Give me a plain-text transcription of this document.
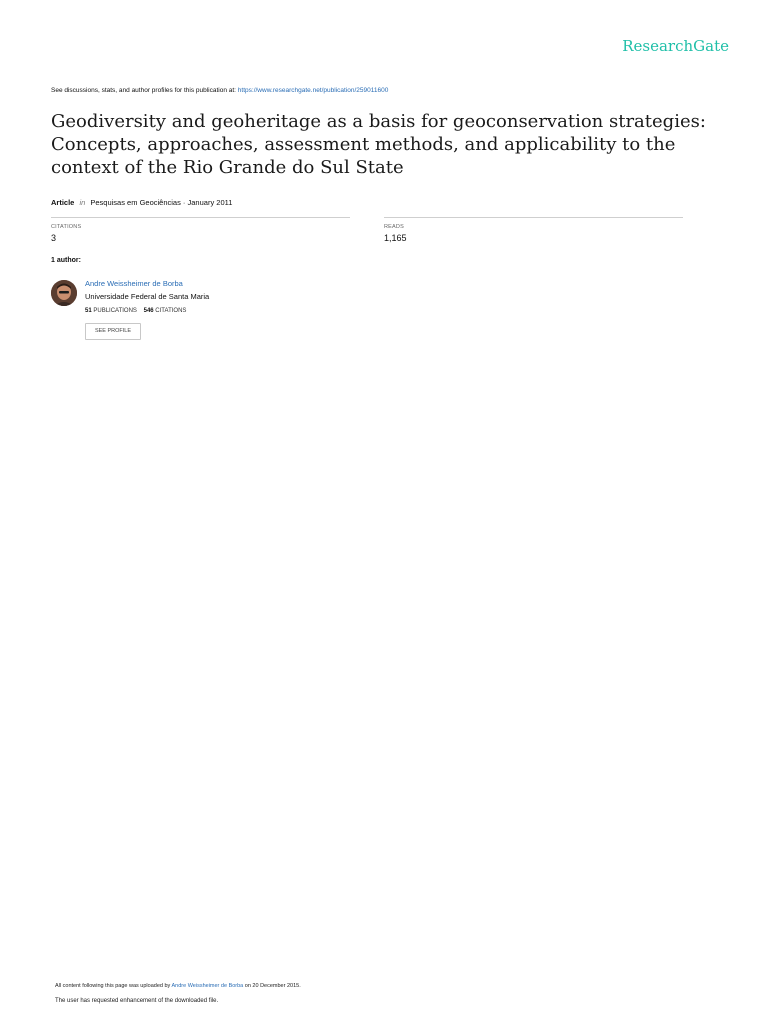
ResearchGate
See discussions, stats, and author profiles for this publication at: https://www.researchgate.net/publication/259011600
Geodiversity and geoheritage as a basis for geoconservation strategies: Concepts, approaches, assessment methods, and applicability to the context of the Rio Grande do Sul State
Article in Pesquisas em Geociências · January 2011
CITATIONS
3
READS
1,165
1 author:
Andre Weissheimer de Borba
Universidade Federal de Santa Maria
51 PUBLICATIONS 546 CITATIONS
SEE PROFILE
All content following this page was uploaded by Andre Weissheimer de Borba on 20 December 2015.
The user has requested enhancement of the downloaded file.
